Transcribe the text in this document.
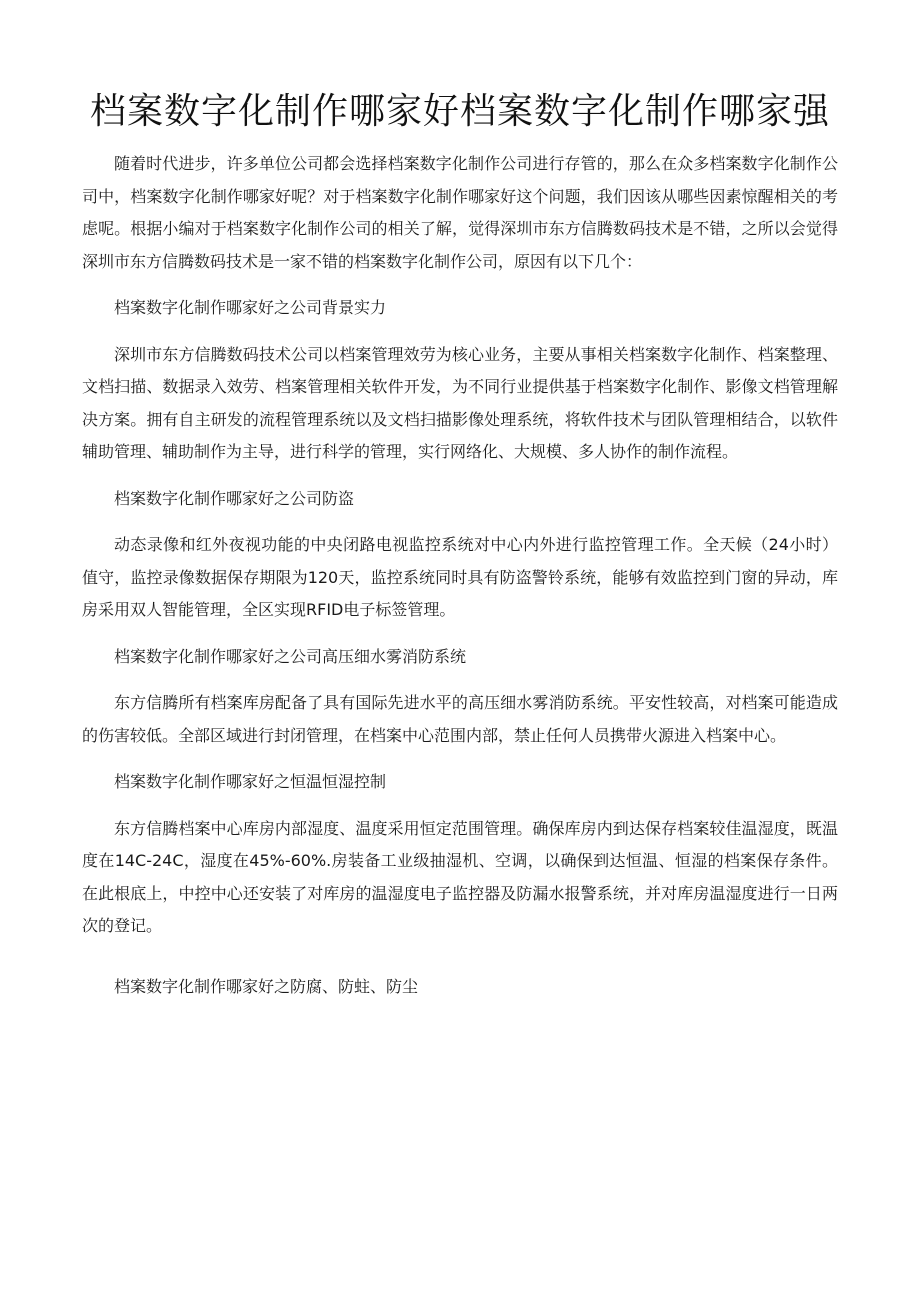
档案数字化制作哪家好档案数字化制作哪家强

随着时代进步，许多单位公司都会选择档案数字化制作公司进行存管的，那么在众多档案数字化制作公司中，档案数字化制作哪家好呢？对于档案数字化制作哪家好这个问题，我们因该从哪些因素惊醒相关的考虑呢。根据小编对于档案数字化制作公司的相关了解，觉得深圳市东方信腾数码技术是不错，之所以会觉得深圳市东方信腾数码技术是一家不错的档案数字化制作公司，原因有以下几个：

档案数字化制作哪家好之公司背景实力

深圳市东方信腾数码技术公司以档案管理效劳为核心业务，主要从事相关档案数字化制作、档案整理、文档扫描、数据录入效劳、档案管理相关软件开发，为不同行业提供基于档案数字化制作、影像文档管理解决方案。拥有自主研发的流程管理系统以及文档扫描影像处理系统，将软件技术与团队管理相结合，以软件辅助管理、辅助制作为主导，进行科学的管理，实行网络化、大规模、多人协作的制作流程。

档案数字化制作哪家好之公司防盗

动态录像和红外夜视功能的中央闭路电视监控系统对中心内外进行监控管理工作。全天候（24小时）值守，监控录像数据保存期限为120天，监控系统同时具有防盗警铃系统，能够有效监控到门窗的异动，库房采用双人智能管理，全区实现RFID电子标签管理。

档案数字化制作哪家好之公司高压细水雾消防系统

东方信腾所有档案库房配备了具有国际先进水平的高压细水雾消防系统。平安性较高，对档案可能造成的伤害较低。全部区域进行封闭管理，在档案中心范围内部，禁止任何人员携带火源进入档案中心。

档案数字化制作哪家好之恒温恒湿控制

东方信腾档案中心库房内部湿度、温度采用恒定范围管理。确保库房内到达保存档案较佳温湿度，既温度在14C-24C，湿度在45%-60%.房装备工业级抽湿机、空调，以确保到达恒温、恒湿的档案保存条件。在此根底上，中控中心还安装了对库房的温湿度电子监控器及防漏水报警系统，并对库房温湿度进行一日两次的登记。

档案数字化制作哪家好之防腐、防蛀、防尘
